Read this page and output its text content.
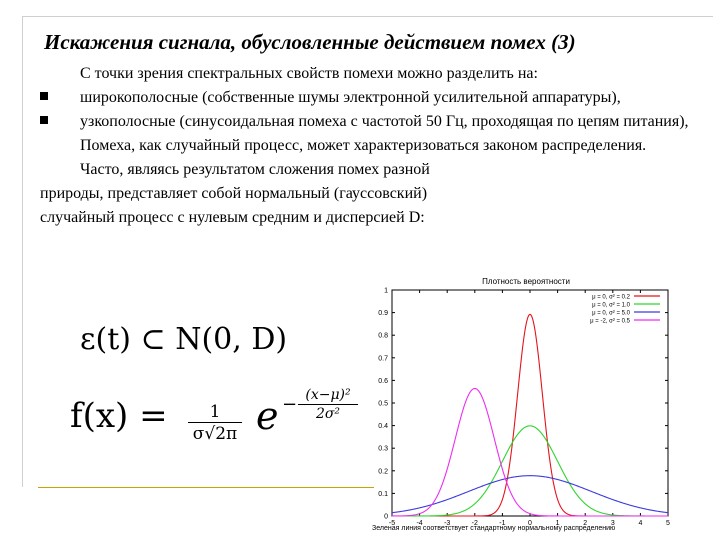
Искажения сигнала, обусловленные действием помех (3)

С точки зрения спектральных свойств помехи можно разделить на:

широкополосные (собственные шумы электронной усилительной аппаратуры),

узкополосные (синусоидальная помеха с частотой 50 Гц, проходящая по цепям питания),

Помеха, как случайный процесс, может характеризоваться законом распределения.

Часто, являясь результатом сложения помех разной природы, представляет собой нормальный (гауссовский) случайный процесс с нулевым средним и дисперсией D:

ε(t) ⊂ N(0, D)
$f(x) = \frac{1}{\sigma√2\pi}$ $e - \frac{\text{(x−μ)²}}{\text{2σ²}}$
Плотность вероятности
-5	-4	-3	-2	-1	0	1	2	3	4	5
0
0.1
0.2
0.3
0.4
0.5
0.6
0.7
0.8
0.9
1
μ = 0, σ² = 0.2
μ = 0, σ² = 1.0
μ = 0, σ² = 5.0
μ = -2, σ² = 0.5
Зеленая линия соответствует стандартному нормальному распределению
